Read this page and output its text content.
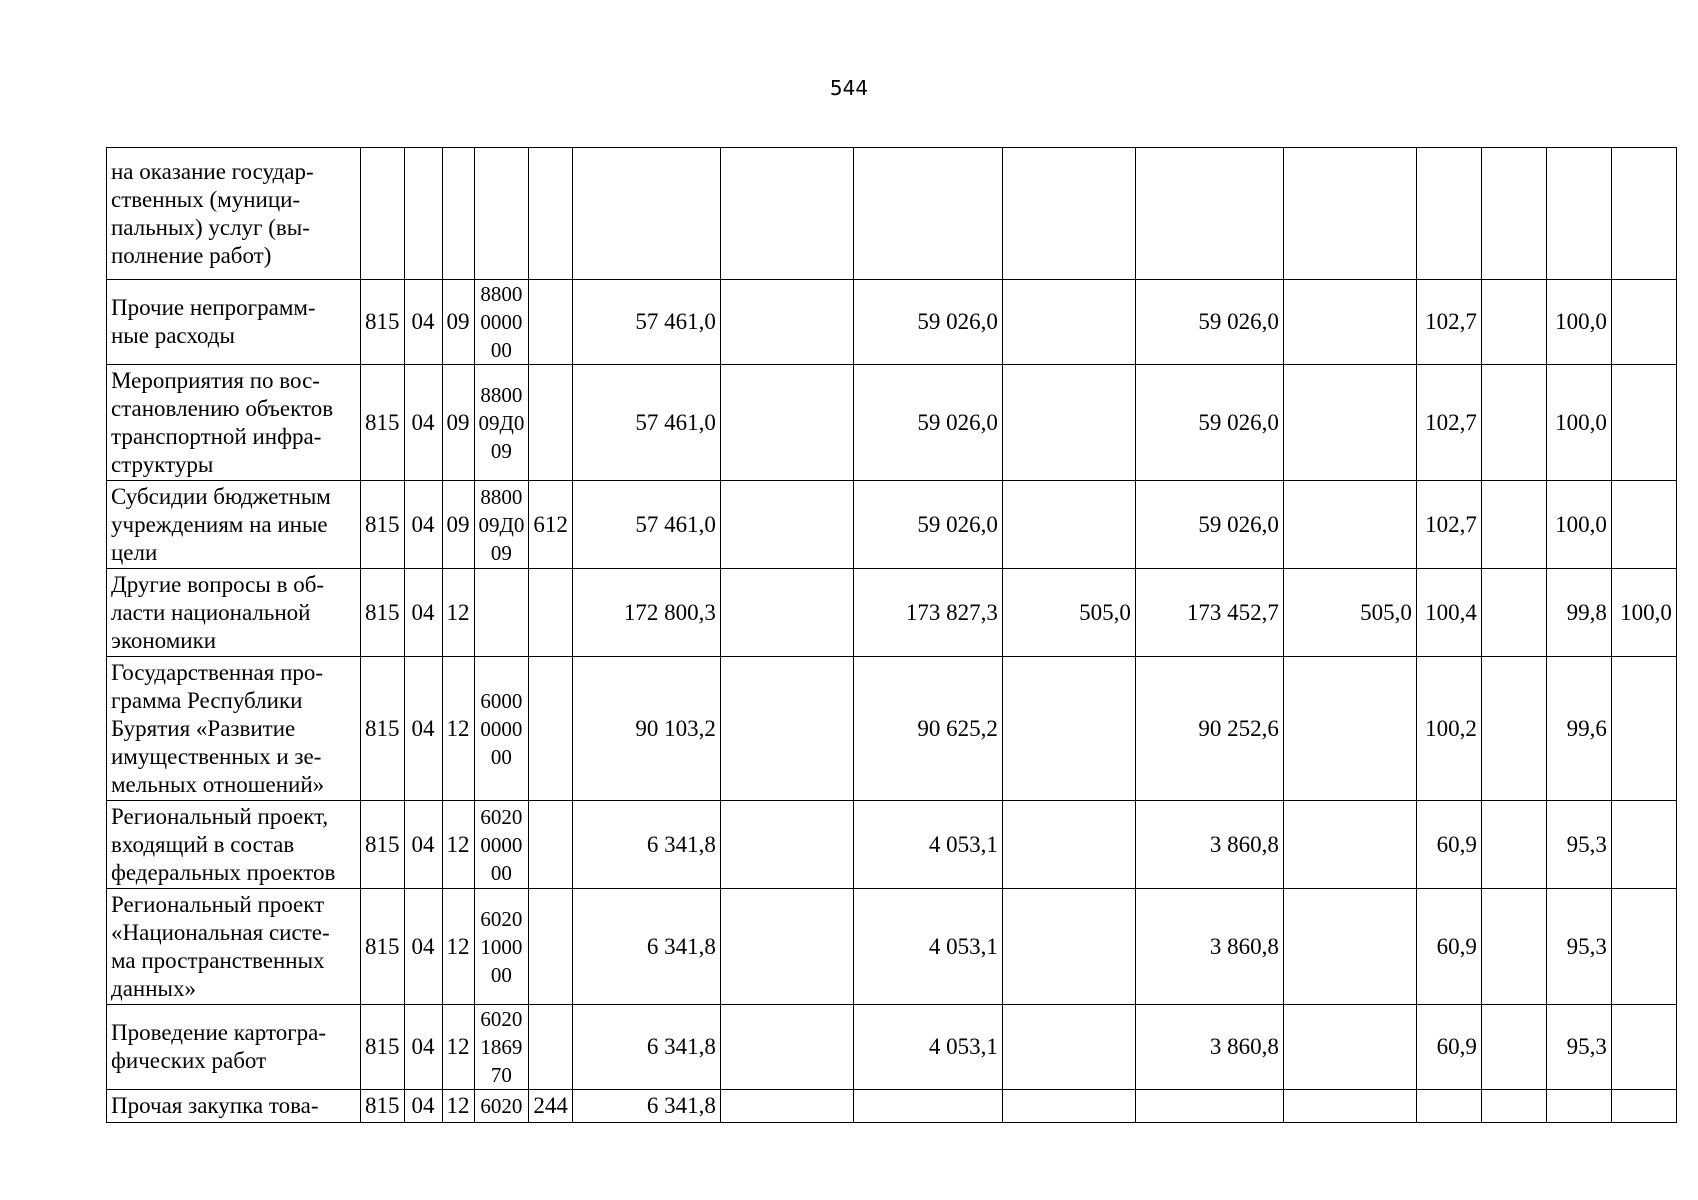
544
на оказание государ-
ственных (муници-
пальных) услуг (вы-
полнение работ)															

Прочие непрограмм-
ные расходы	815	04	09	8800
0000
00		57 461,0		59 026,0		59 026,0		102,7		100,0	

Мероприятия по вос-
становлению объектов
транспортной инфра-
структуры	815	04	09	8800
09Д0
09		57 461,0		59 026,0		59 026,0		102,7		100,0	

Субсидии бюджетным
учреждениям на иные
цели	815	04	09	8800
09Д0
09	612	57 461,0		59 026,0		59 026,0		102,7		100,0	

Другие вопросы в об-
ласти национальной
экономики	815	04	12			172 800,3		173 827,3	505,0	173 452,7	505,0	100,4		99,8	100,0

Государственная про-
грамма Республики
Бурятия «Развитие
имущественных и зе-
мельных отношений»	815	04	12	6000
0000
00		90 103,2		90 625,2		90 252,6		100,2		99,6	

Региональный проект,
входящий в состав
федеральных проектов	815	04	12	6020
0000
00		6 341,8		4 053,1		3 860,8		60,9		95,3	

Региональный проект
«Национальная систе-
ма пространственных
данных»	815	04	12	6020
1000
00		6 341,8		4 053,1		3 860,8		60,9		95,3	

Проведение картогра-
фических работ	815	04	12	6020
1869
70		6 341,8		4 053,1		3 860,8		60,9		95,3	

Прочая закупка това-	815	04	12	6020	244	6 341,8									
